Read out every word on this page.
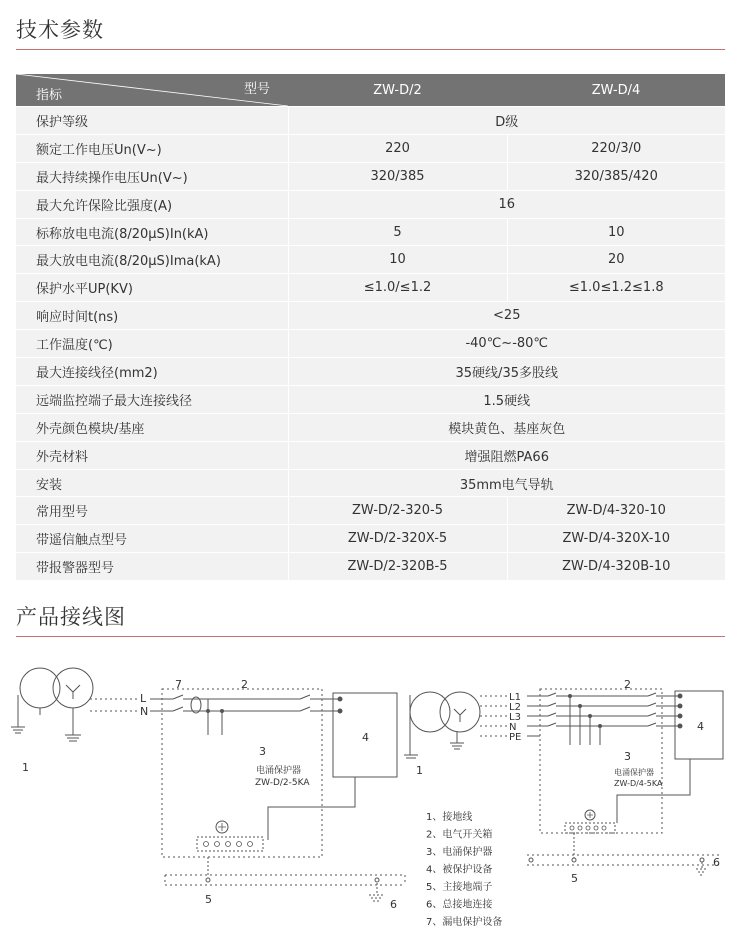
技术参数
型号
指标	ZW-D/2	ZW-D/4
保护等级	D级	
额定工作电压Un(V~)	220	220/3/0
最大持续操作电压Un(V~)	320/385	320/385/420
最大允许保险比强度(A)	16	
标称放电电流(8/20μS)In(kA)	5	10
最大放电电流(8/20μS)Ima(kA)	10	20
保护水平UP(KV)	≤1.0/≤1.2	≤1.0≤1.2≤1.8
响应时间t(ns)	<25	
工作温度(℃)	-40℃~-80℃	
最大连接线径(mm2)	35硬线/35多股线	
远端监控端子最大连接线径	1.5硬线	
外壳颜色模块/基座	模块黄色、基座灰色	
外壳材料	增强阻燃PA66	
安装	35mm电气导轨	
常用型号	ZW-D/2-320-5	ZW-D/4-320-10
带遥信触点型号	ZW-D/2-320X-5	ZW-D/4-320X-10
带报警器型号	ZW-D/2-320B-5	ZW-D/4-320B-10
产品接线图
7	2
L
N
3
电涌保护器
ZW-D/2-5KA
4
1
5	6
L1
L2
L3
N
PE
2
3
电涌保护器
ZW-D/4-5KA
4
1
5
6
1、接地线
2、电气开关箱
3、电涌保护器
4、被保护设备
5、主接地端子
6、总接地连接
7、漏电保护设备
